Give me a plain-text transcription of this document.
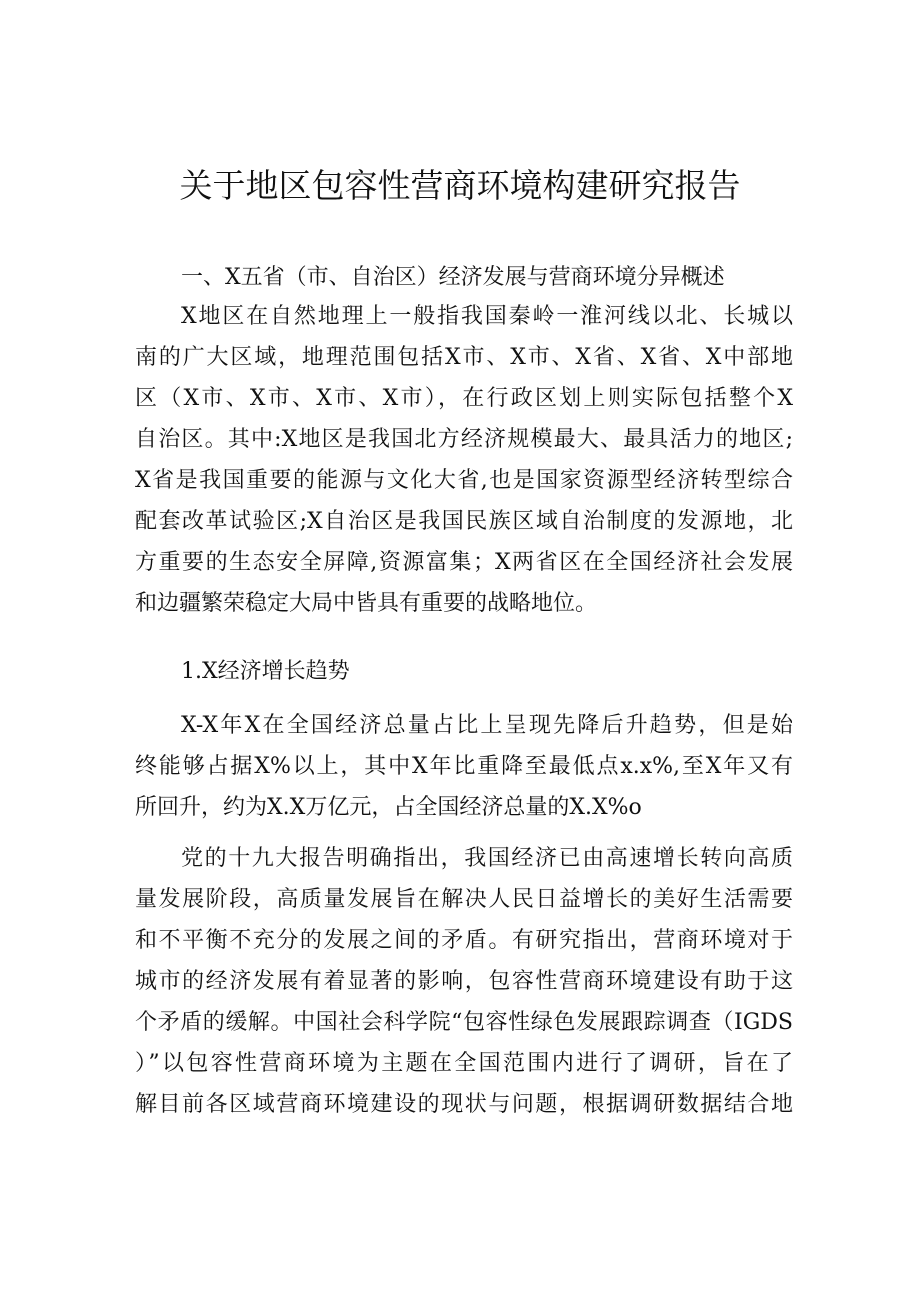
关于地区包容性营商环境构建研究报告
一、X五省（市、自治区）经济发展与营商环境分异概述
X地区在自然地理上一般指我国秦岭一淮河线以北、长城以
南的广大区域，地理范围包括X市、X市、X省、X省、X中部地
区（X市、X市、X市、X市），在行政区划上则实际包括整个X
自治区。其中:X地区是我国北方经济规模最大、最具活力的地区;
X省是我国重要的能源与文化大省,也是国家资源型经济转型综合
配套改革试验区;X自治区是我国民族区域自治制度的发源地，北
方重要的生态安全屏障,资源富集；X两省区在全国经济社会发展
和边疆繁荣稳定大局中皆具有重要的战略地位。
1.X经济增长趋势
X-X年X在全国经济总量占比上呈现先降后升趋势，但是始
终能够占据X%以上，其中X年比重降至最低点x.x%,至X年又有
所回升，约为X.X万亿元，占全国经济总量的X.X%o
党的十九大报告明确指出，我国经济已由高速增长转向高质
量发展阶段，高质量发展旨在解决人民日益增长的美好生活需要
和不平衡不充分的发展之间的矛盾。有研究指出，营商环境对于
城市的经济发展有着显著的影响，包容性营商环境建设有助于这
个矛盾的缓解。中国社会科学院“包容性绿色发展跟踪调查（IGDS
）”以包容性营商环境为主题在全国范围内进行了调研，旨在了
解目前各区域营商环境建设的现状与问题，根据调研数据结合地
